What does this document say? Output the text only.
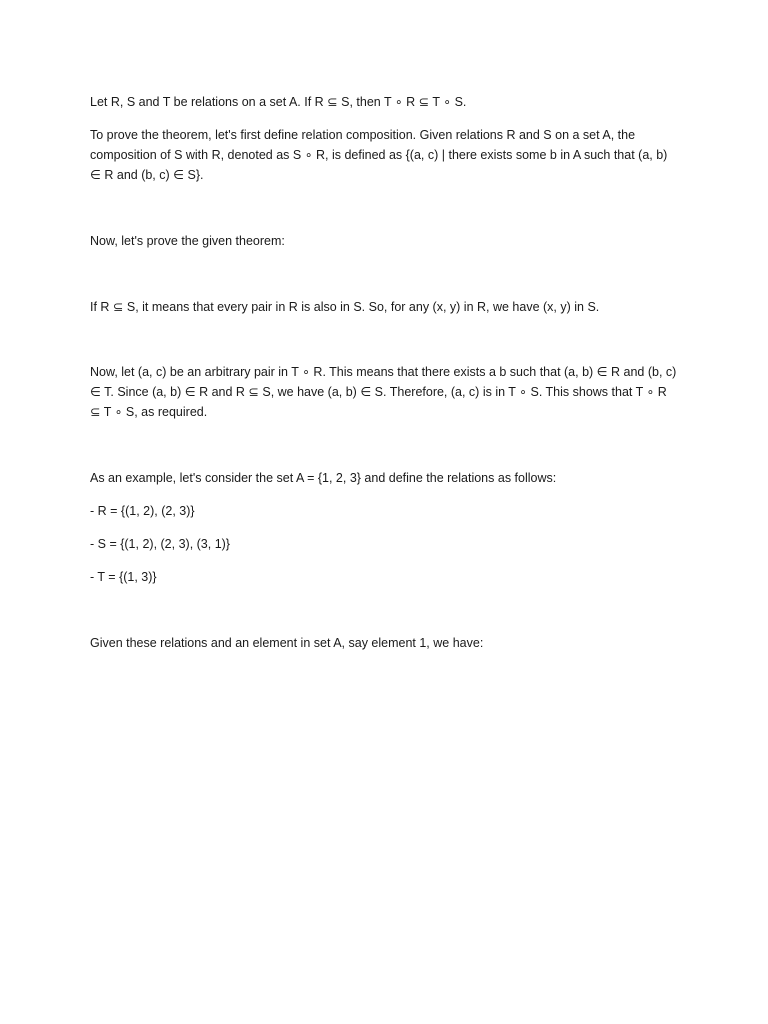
Let R, S and T be relations on a set A. If R ⊆ S, then T ∘ R ⊆ T ∘ S.

To prove the theorem, let's first define relation composition. Given relations R and S on a set A, the composition of S with R, denoted as S ∘ R, is defined as {(a, c) | there exists some b in A such that (a, b) ∈ R and (b, c) ∈ S}.

Now, let's prove the given theorem:

If R ⊆ S, it means that every pair in R is also in S. So, for any (x, y) in R, we have (x, y) in S.

Now, let (a, c) be an arbitrary pair in T ∘ R. This means that there exists a b such that (a, b) ∈ R and (b, c) ∈ T. Since (a, b) ∈ R and R ⊆ S, we have (a, b) ∈ S. Therefore, (a, c) is in T ∘ S. This shows that T ∘ R ⊆ T ∘ S, as required.

As an example, let's consider the set A = {1, 2, 3} and define the relations as follows:

- R = {(1, 2), (2, 3)}

- S = {(1, 2), (2, 3), (3, 1)}

- T = {(1, 3)}

Given these relations and an element in set A, say element 1, we have:
